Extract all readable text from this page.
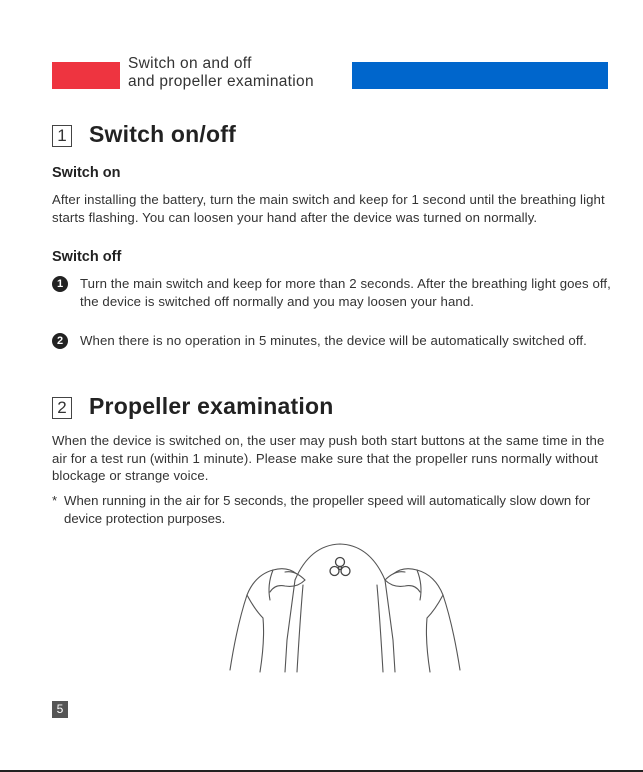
Switch on and off
and propeller examination
1 Switch on/off
Switch on
After installing the battery, turn the main switch and keep for 1 second until the breathing light starts flashing. You can loosen your hand after the device was turned on normally.
Switch off
1	Turn the main switch and keep for more than 2 seconds. After the breathing light goes off, the device is switched off normally and you may loosen your hand.
2	When there is no operation in 5 minutes, the device will be automatically switched off.
2 Propeller examination
When the device is switched on, the user may push both start buttons at the same time in the air for a test run (within 1 minute). Please make sure that the propeller runs normally without blockage or strange voice.
* When running in the air for 5 seconds, the propeller speed will automatically slow down for device protection purposes.
5
